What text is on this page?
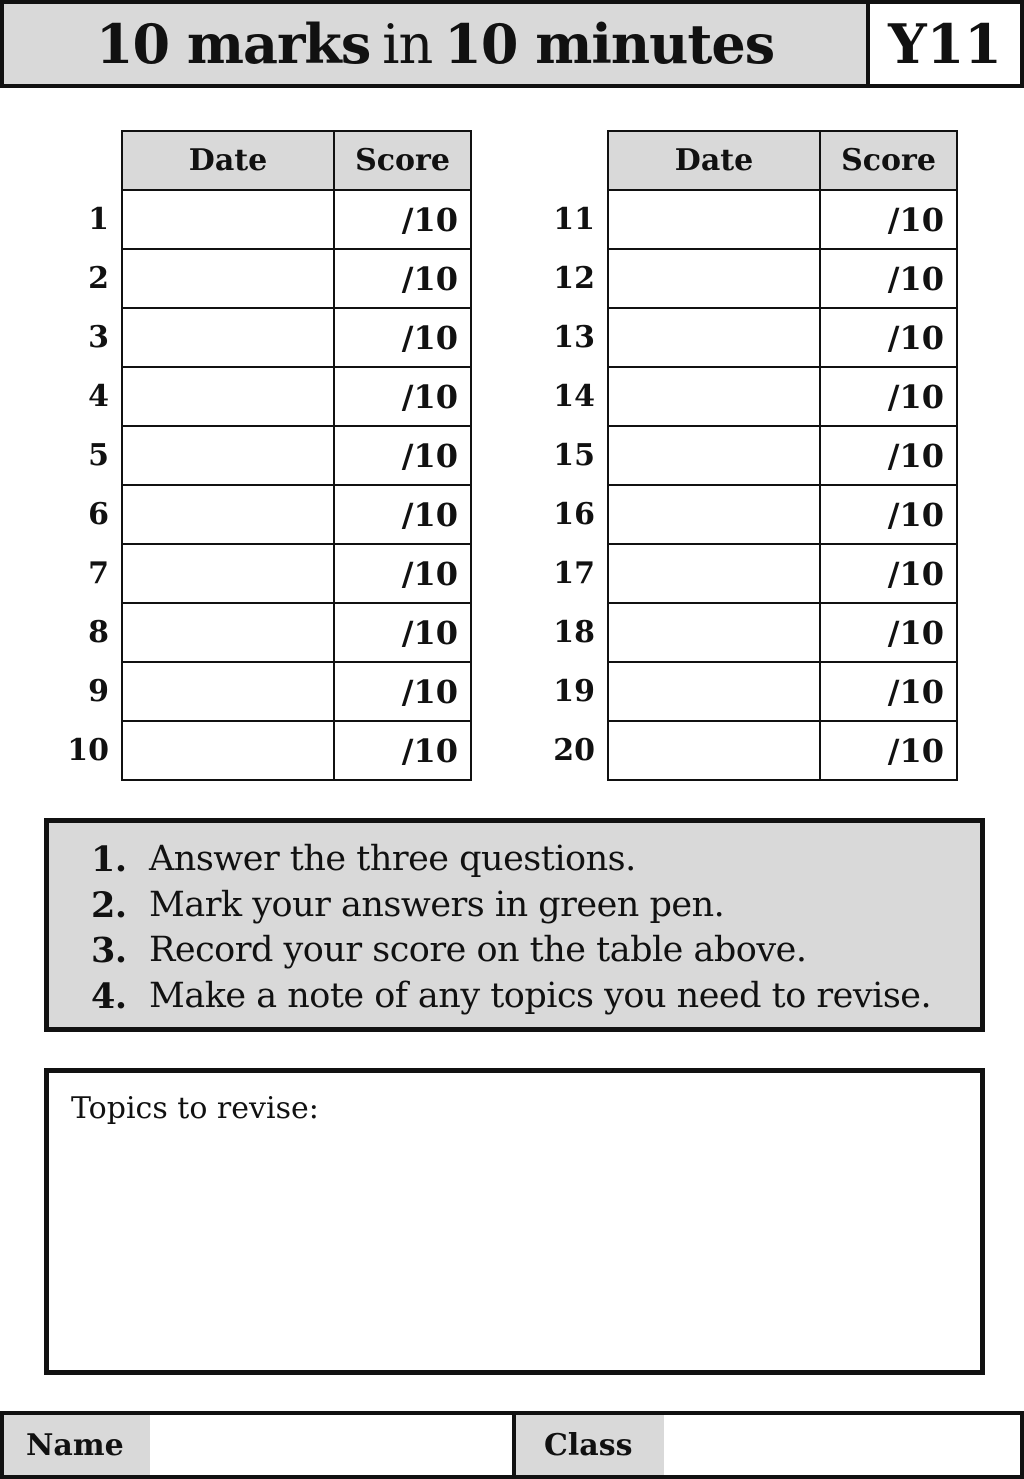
10 marks in 10 minutes	Y11
	Date	Score
1		/10
2		/10
3		/10
4		/10
5		/10
6		/10
7		/10
8		/10
9		/10
10		/10
	Date	Score
11		/10
12		/10
13		/10
14		/10
15		/10
16		/10
17		/10
18		/10
19		/10
20		/10
1. Answer the three questions.
2. Mark your answers in green pen.
3. Record your score on the table above.
4. Make a note of any topics you need to revise.
Topics to revise:
Name	Class
